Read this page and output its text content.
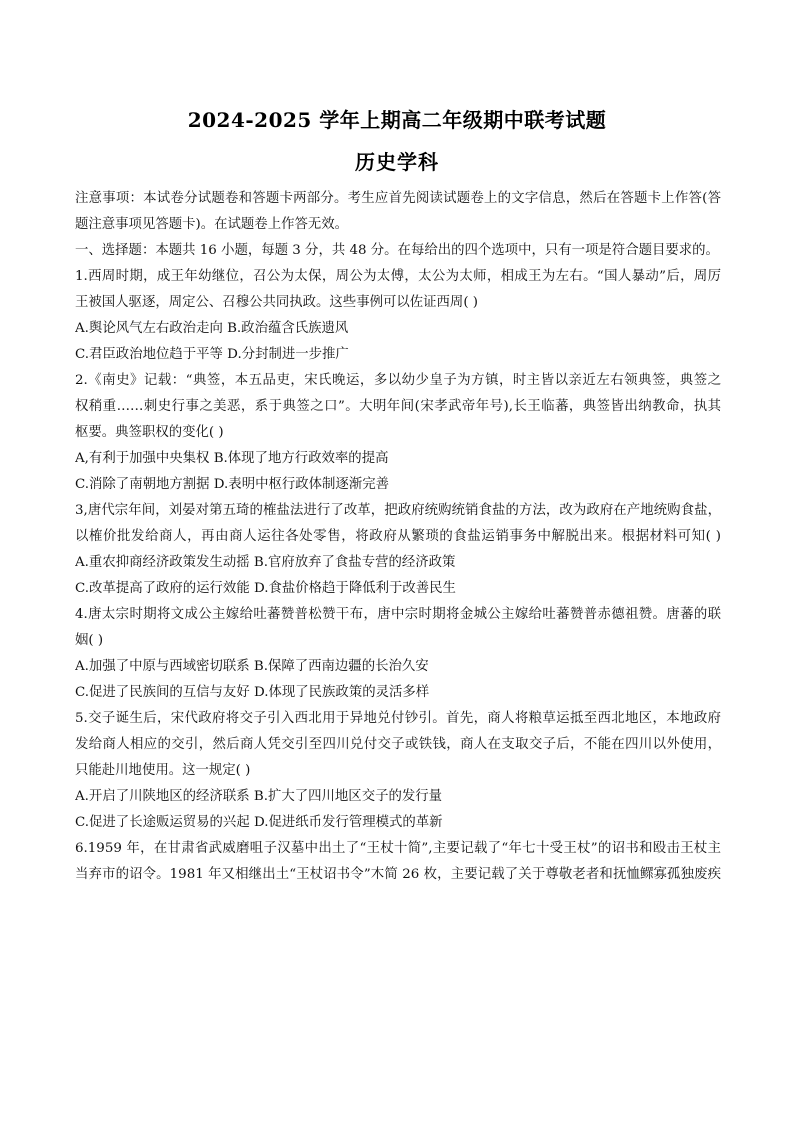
2024-2025 学年上期高二年级期中联考试题
历史学科
注意事项：本试卷分试题卷和答题卡两部分。考生应首先阅读试题卷上的文字信息，然后在答题卡上作答(答
题注意事项见答题卡)。在试题卷上作答无效。
一、选择题：本题共 16 小题，每题 3 分，共 48 分。在每给出的四个选项中，只有一项是符合题目要求的。
1.西周时期，成王年幼继位，召公为太保，周公为太傅，太公为太师，相成王为左右。“国人暴动”后，周厉
王被国人驱逐，周定公、召穆公共同执政。这些事例可以佐证西周( )
A.舆论风气左右政治走向 B.政治蕴含氏族遗风
C.君臣政治地位趋于平等 D.分封制进一步推广
2.《南史》记载：“典签，本五品吏，宋氏晚运，多以幼少皇子为方镇，时主皆以亲近左右领典签，典签之
权稍重……刺史行事之美恶，系于典签之口”。大明年间(宋孝武帝年号),长王临蕃，典签皆出纳教命，执其
枢要。典签职权的变化( )
A,有利于加强中央集权 B.体现了地方行政效率的提高
C.消除了南朝地方割据 D.表明中枢行政体制逐渐完善
3,唐代宗年间，刘晏对第五琦的榷盐法进行了改革，把政府统购统销食盐的方法，改为政府在产地统购食盐，
以榷价批发给商人，再由商人运往各处零售，将政府从繁琐的食盐运销事务中解脱出来。根据材料可知( )
A.重农抑商经济政策发生动摇 B.官府放弃了食盐专营的经济政策
C.改革提高了政府的运行效能 D.食盐价格趋于降低利于改善民生
4.唐太宗时期将文成公主嫁给吐蕃赞普松赞干布，唐中宗时期将金城公主嫁给吐蕃赞普赤德祖赞。唐蕃的联
姻( )
A.加强了中原与西域密切联系 B.保障了西南边疆的长治久安
C.促进了民族间的互信与友好 D.体现了民族政策的灵活多样
5.交子诞生后，宋代政府将交子引入西北用于异地兑付钞引。首先，商人将粮草运抵至西北地区，本地政府
发给商人相应的交引，然后商人凭交引至四川兑付交子或铁钱，商人在支取交子后，不能在四川以外使用，
只能赴川地使用。这一规定( )
A.开启了川陕地区的经济联系 B.扩大了四川地区交子的发行量
C.促进了长途贩运贸易的兴起 D.促进纸币发行管理模式的革新
6.1959 年，在甘肃省武威磨咀子汉墓中出土了“王杖十简”,主要记载了“年七十受王杖”的诏书和殴击王杖主
当弃市的诏令。1981 年又相继出土“王杖诏书令”木简 26 枚，主要记载了关于尊敬老者和抚恤鳏寡孤独废疾
